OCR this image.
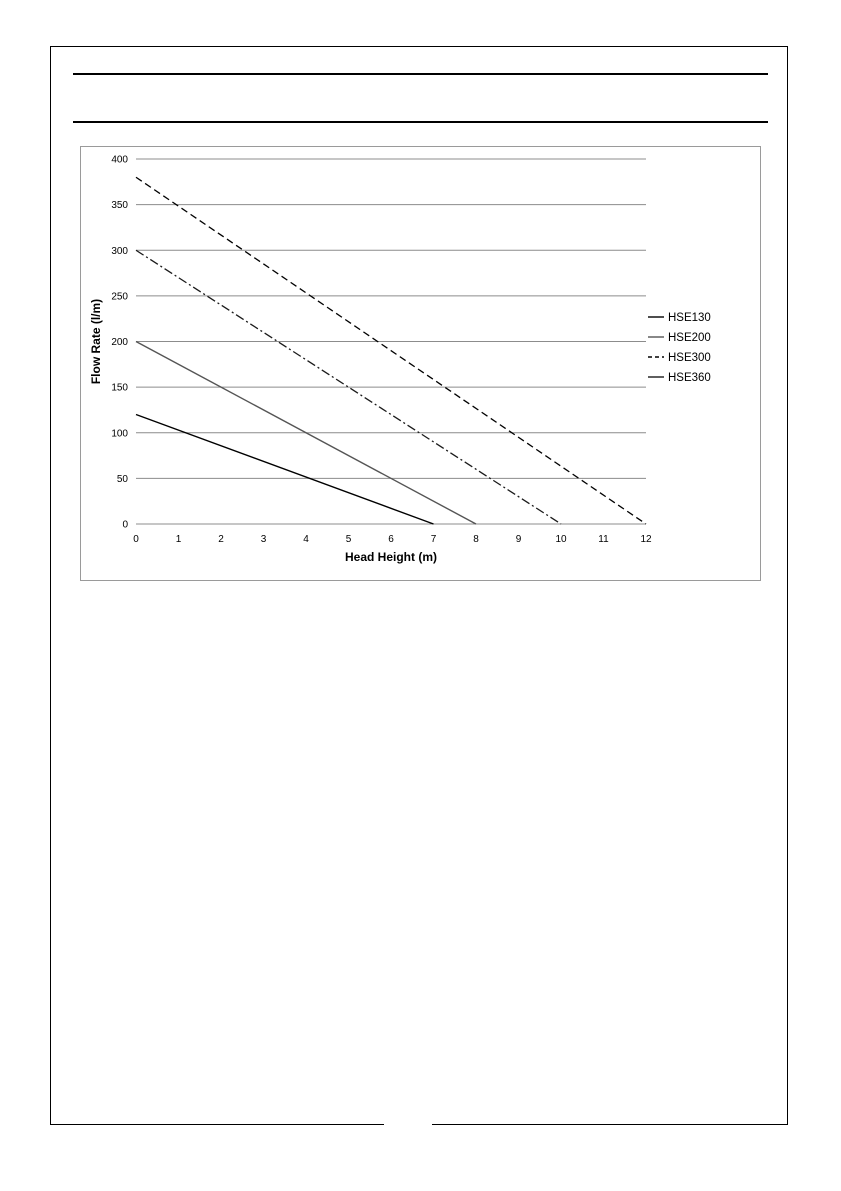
0	1	2	3	4	5	6	7	8	9	10	11	12
0
50
100
150
200
250
300
350
400
Head Height (m)
Flow Rate (l/m)	HSE130
HSE200
HSE300
HSE360
